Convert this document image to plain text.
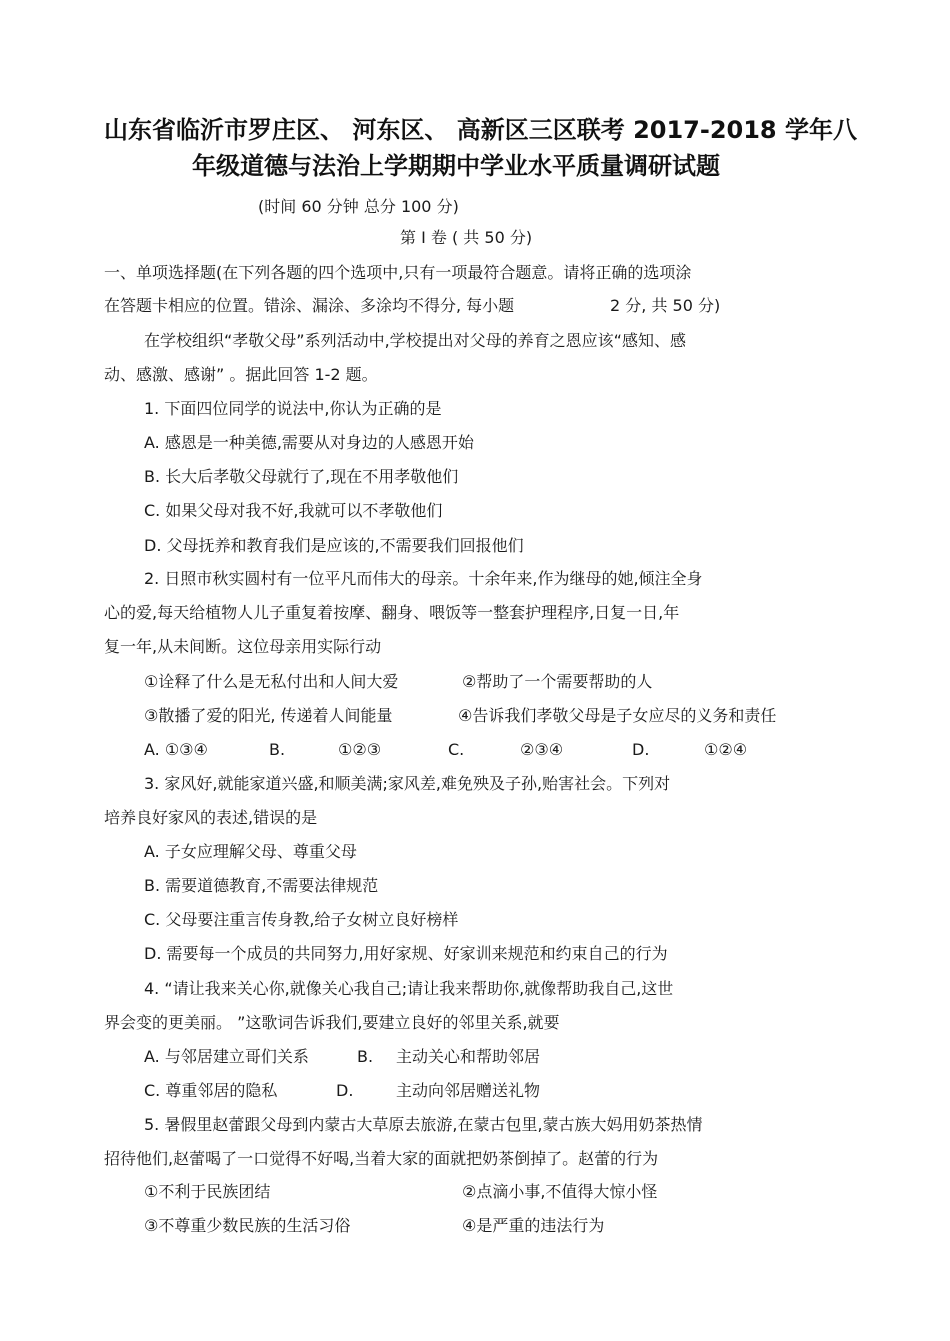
山东省临沂市罗庄区、 河东区、 高新区三区联考 2017-2018 学年八
年级道德与法治上学期期中学业水平质量调研试题
(时间 60 分钟 总分 100 分)
第 Ⅰ 卷 ( 共 50 分)
一、单项选择题(在下列各题的四个选项中,只有一项最符合题意。请将正确的选项涂
在答题卡相应的位置。错涂、漏涂、多涂均不得分, 每小题	2 分, 共 50 分)
在学校组织“孝敬父母”系列活动中,学校提出对父母的养育之恩应该“感知、感
动、感激、感谢” 。据此回答 1-2 题。
1. 下面四位同学的说法中,你认为正确的是
A. 感恩是一种美德,需要从对身边的人感恩开始
B. 长大后孝敬父母就行了,现在不用孝敬他们
C. 如果父母对我不好,我就可以不孝敬他们
D. 父母抚养和教育我们是应该的,不需要我们回报他们
2. 日照市秋实圆村有一位平凡而伟大的母亲。十余年来,作为继母的她,倾注全身
心的爱,每天给植物人儿子重复着按摩、翻身、喂饭等一整套护理程序,日复一日,年
复一年,从未间断。这位母亲用实际行动
①诠释了什么是无私付出和人间大爱	②帮助了一个需要帮助的人
③散播了爱的阳光, 传递着人间能量	④告诉我们孝敬父母是子女应尽的义务和责任
A. ①③④	B.	①②③	C.	②③④	D.	①②④
3. 家风好,就能家道兴盛,和顺美满;家风差,难免殃及子孙,贻害社会。下列对
培养良好家风的表述,错误的是
A. 子女应理解父母、尊重父母
B. 需要道德教育,不需要法律规范
C. 父母要注重言传身教,给子女树立良好榜样
D. 需要每一个成员的共同努力,用好家规、好家训来规范和约束自己的行为
4. “请让我来关心你,就像关心我自己;请让我来帮助你,就像帮助我自己,这世
界会变的更美丽。 ”这歌词告诉我们,要建立良好的邻里关系,就要
A. 与邻居建立哥们关系	B. 主动关心和帮助邻居
C. 尊重邻居的隐私	D.	主动向邻居赠送礼物
5. 暑假里赵蕾跟父母到内蒙古大草原去旅游,在蒙古包里,蒙古族大妈用奶茶热情
招待他们,赵蕾喝了一口觉得不好喝,当着大家的面就把奶茶倒掉了。赵蕾的行为
①不利于民族团结	②点滴小事,不值得大惊小怪
③不尊重少数民族的生活习俗	④是严重的违法行为
